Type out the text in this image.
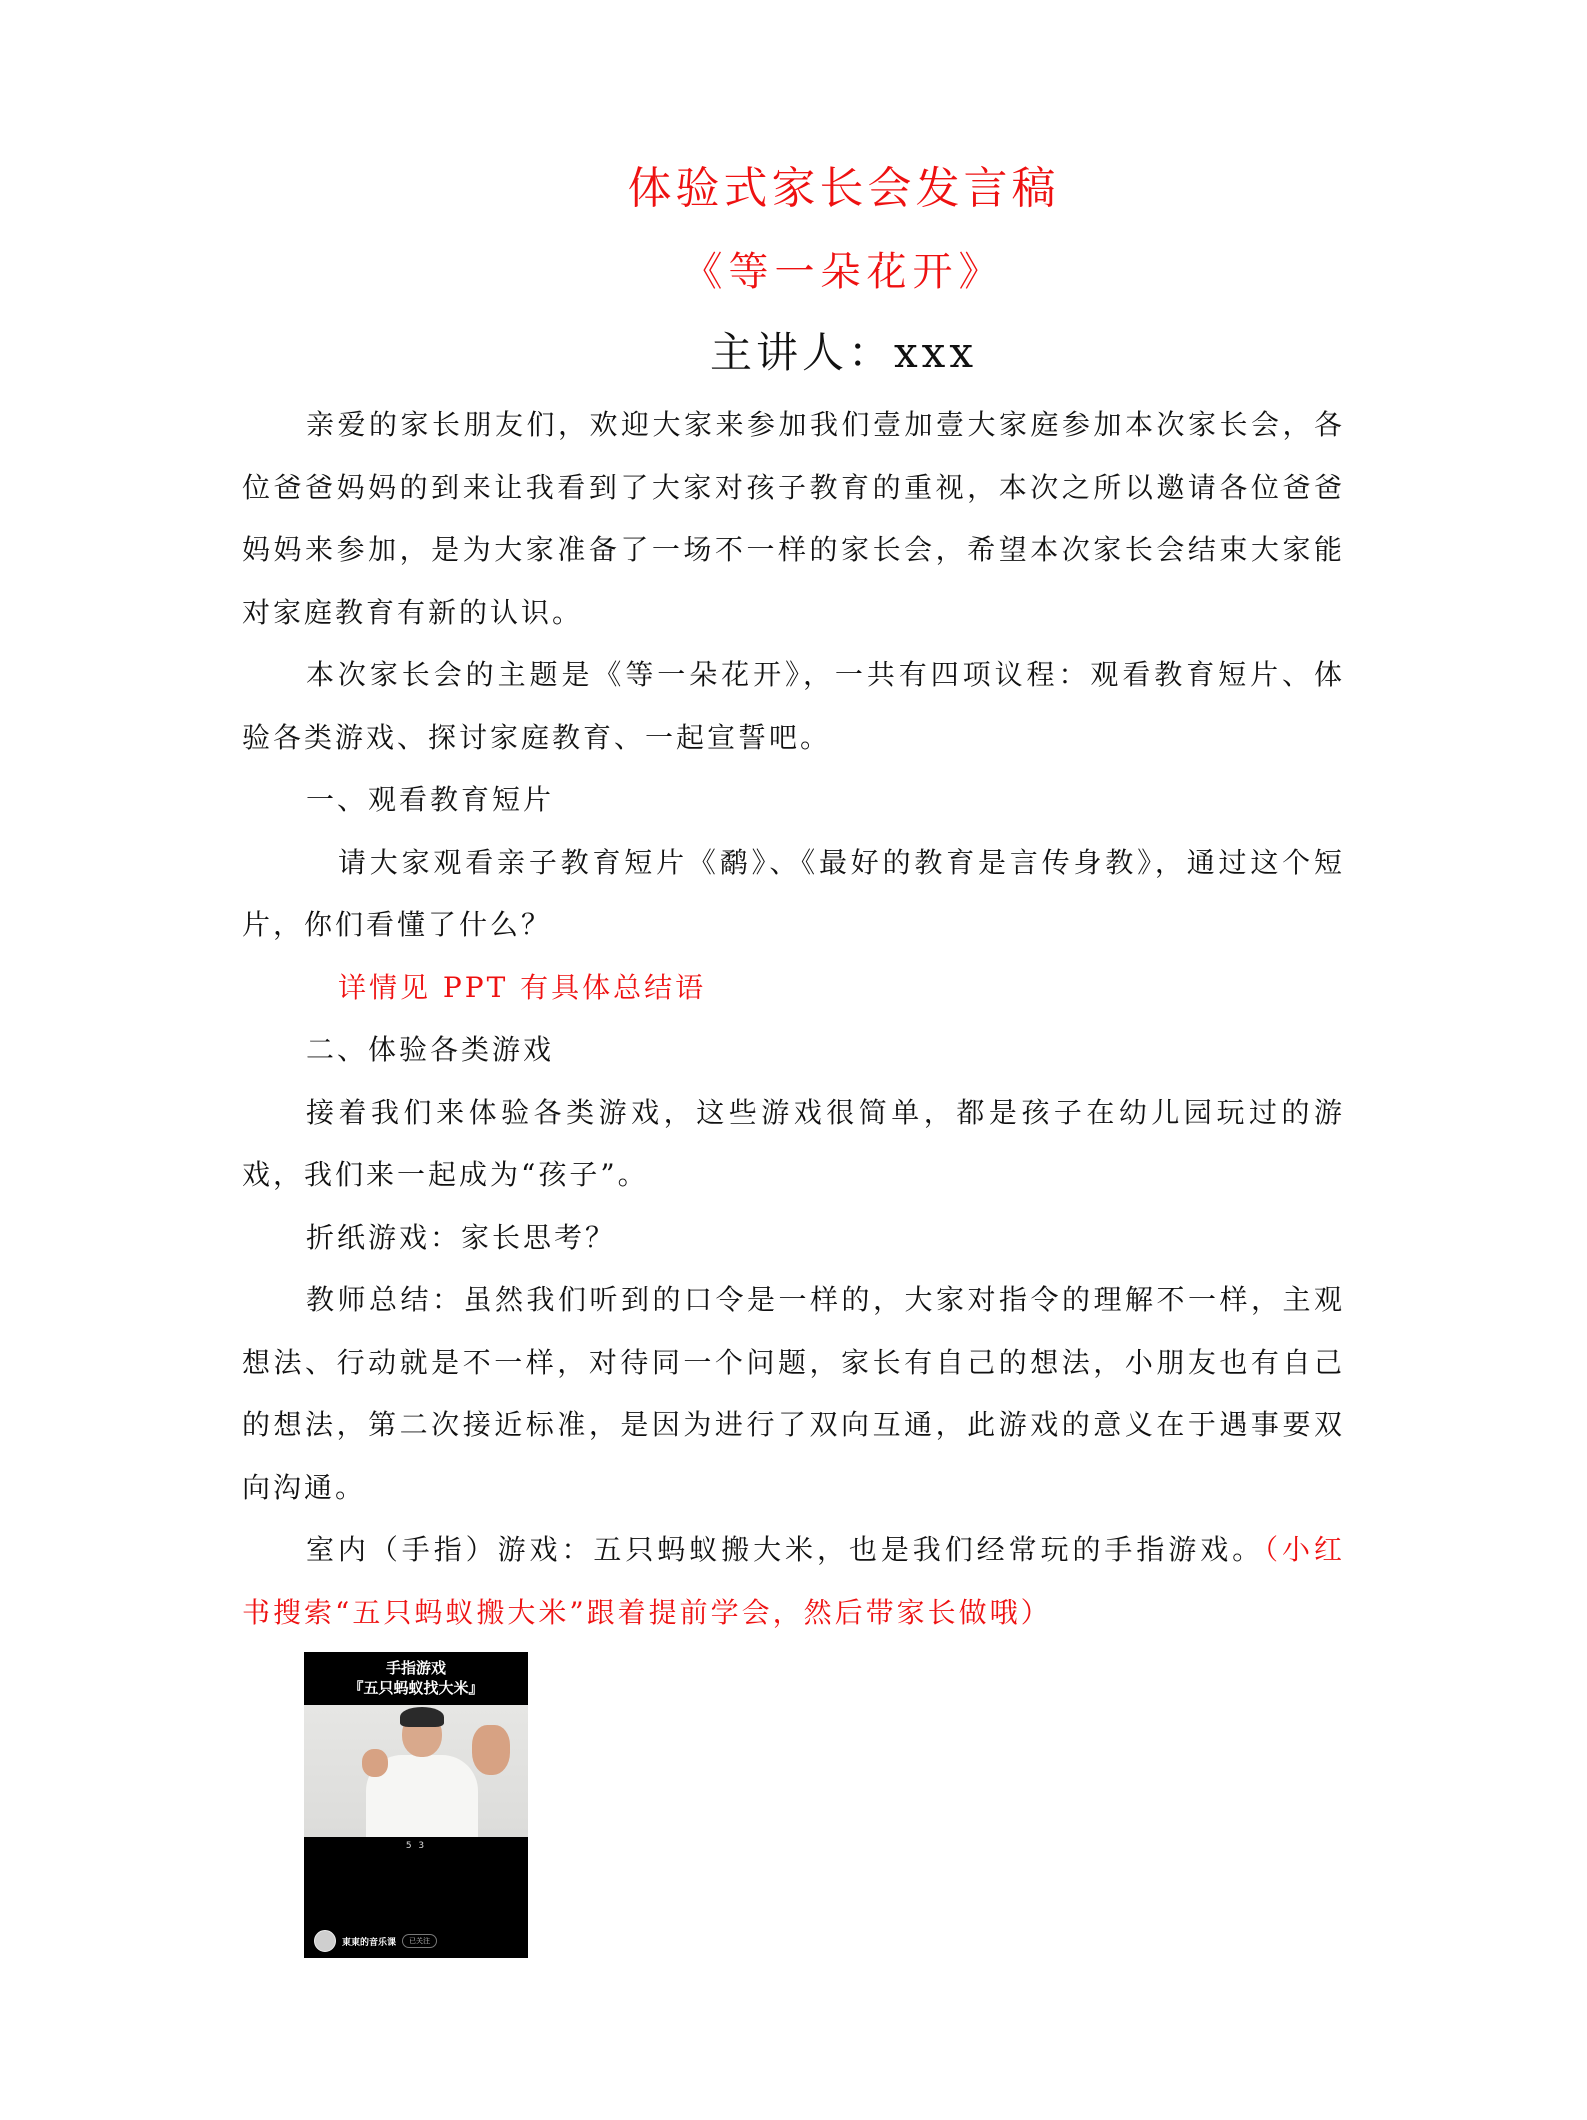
体验式家长会发言稿
《等一朵花开》
主讲人：xxx

亲爱的家长朋友们，欢迎大家来参加我们壹加壹大家庭参加本次家长会，各位爸爸妈妈的到来让我看到了大家对孩子教育的重视，本次之所以邀请各位爸爸妈妈来参加，是为大家准备了一场不一样的家长会，希望本次家长会结束大家能对家庭教育有新的认识。

本次家长会的主题是《等一朵花开》，一共有四项议程：观看教育短片、体验各类游戏、探讨家庭教育、一起宣誓吧。

一、观看教育短片

请大家观看亲子教育短片《鹬》、《最好的教育是言传身教》，通过这个短片，你们看懂了什么？

详情见 PPT 有具体总结语

二、体验各类游戏

接着我们来体验各类游戏，这些游戏很简单，都是孩子在幼儿园玩过的游戏，我们来一起成为“孩子”。

折纸游戏：家长思考？

教师总结：虽然我们听到的口令是一样的，大家对指令的理解不一样，主观想法、行动就是不一样，对待同一个问题，家长有自己的想法，小朋友也有自己的想法，第二次接近标准，是因为进行了双向互通，此游戏的意义在于遇事要双向沟通。

室内（手指）游戏：五只蚂蚁搬大米，也是我们经常玩的手指游戏。（小红书搜索“五只蚂蚁搬大米”跟着提前学会，然后带家长做哦）

手指游戏
『五只蚂蚁找大米』
5 3
東東的音乐课	已关注
